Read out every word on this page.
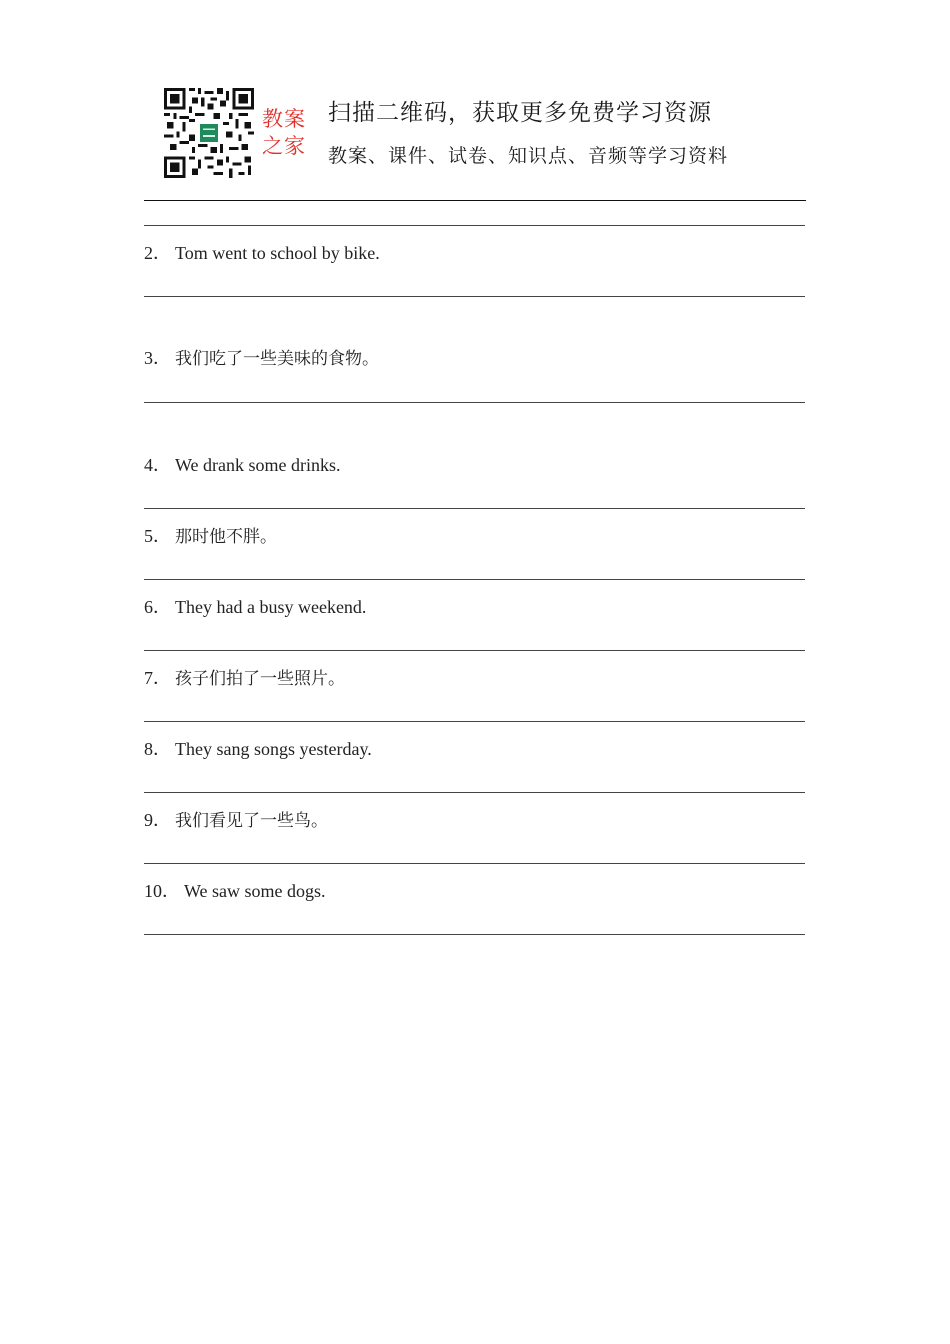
教案
之家
扫描二维码，获取更多免费学习资源
教案、课件、试卷、知识点、音频等学习资料
2． Tom went to school by bike.
3． 我们吃了一些美味的食物。
4． We drank some drinks.
5． 那时他不胖。
6． They had a busy weekend.
7． 孩子们拍了一些照片。
8． They sang songs yesterday.
9． 我们看见了一些鸟。
10． We saw some dogs.
